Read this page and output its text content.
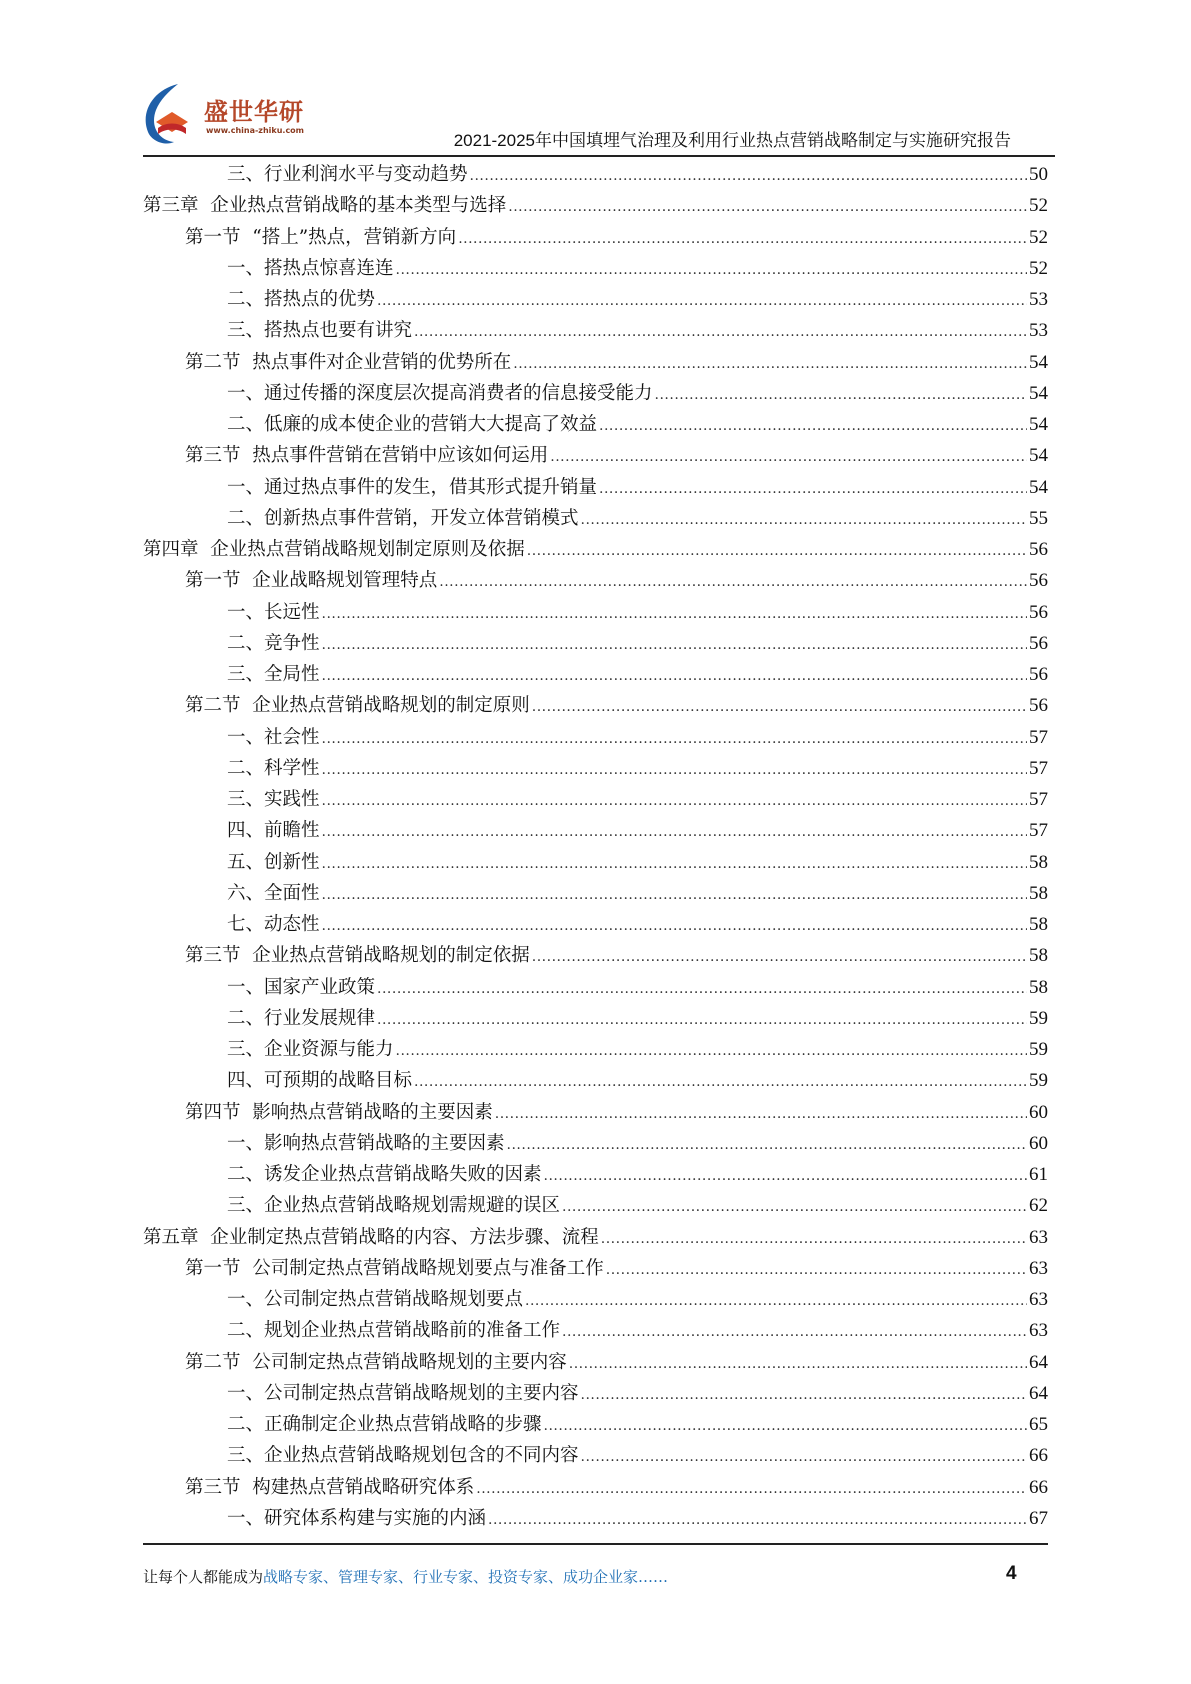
盛世华研
www.china-zhiku.com
2021-2025年中国填埋气治理及利用行业热点营销战略制定与实施研究报告
三、行业利润水平与变动趋势 .....	50
第三章  企业热点营销战略的基本类型与选择 .....	52
第一节  “搭上”热点，营销新方向 .....	52
一、搭热点惊喜连连 .....	52
二、搭热点的优势 .....	53
三、搭热点也要有讲究 .....	53
第二节  热点事件对企业营销的优势所在 .....	54
一、通过传播的深度层次提高消费者的信息接受能力 .....	54
二、低廉的成本使企业的营销大大提高了效益 .....	54
第三节  热点事件营销在营销中应该如何运用 .....	54
一、通过热点事件的发生，借其形式提升销量 .....	54
二、创新热点事件营销，开发立体营销模式 .....	55
第四章  企业热点营销战略规划制定原则及依据 .....	56
第一节  企业战略规划管理特点 .....	56
一、长远性 .....	56
二、竞争性 .....	56
三、全局性 .....	56
第二节  企业热点营销战略规划的制定原则 .....	56
一、社会性 .....	57
二、科学性 .....	57
三、实践性 .....	57
四、前瞻性 .....	57
五、创新性 .....	58
六、全面性 .....	58
七、动态性 .....	58
第三节  企业热点营销战略规划的制定依据 .....	58
一、国家产业政策 .....	58
二、行业发展规律 .....	59
三、企业资源与能力 .....	59
四、可预期的战略目标 .....	59
第四节  影响热点营销战略的主要因素 .....	60
一、影响热点营销战略的主要因素 .....	60
二、诱发企业热点营销战略失败的因素 .....	61
三、企业热点营销战略规划需规避的误区 .....	62
第五章  企业制定热点营销战略的内容、方法步骤、流程 .....	63
第一节  公司制定热点营销战略规划要点与准备工作 .....	63
一、公司制定热点营销战略规划要点 .....	63
二、规划企业热点营销战略前的准备工作 .....	63
第二节  公司制定热点营销战略规划的主要内容 .....	64
一、公司制定热点营销战略规划的主要内容 .....	64
二、正确制定企业热点营销战略的步骤 .....	65
三、企业热点营销战略规划包含的不同内容 .....	66
第三节  构建热点营销战略研究体系 .....	66
一、研究体系构建与实施的内涵 .....	67
让每个人都能成为战略专家、管理专家、行业专家、投资专家、成功企业家……	4
